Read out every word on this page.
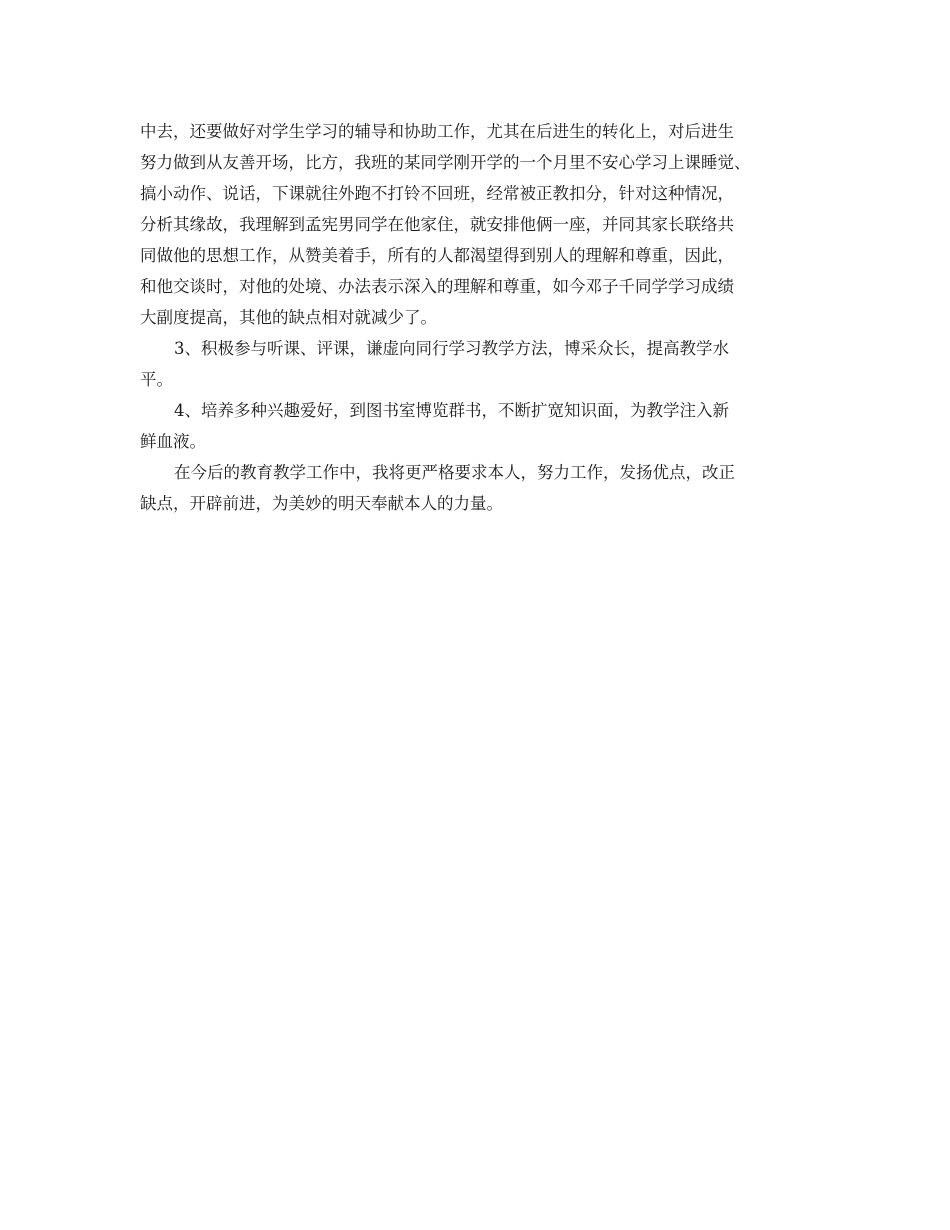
中去，还要做好对学生学习的辅导和协助工作，尤其在后进生的转化上，对后进生
努力做到从友善开场，比方，我班的某同学刚开学的一个月里不安心学习上课睡觉、
搞小动作、说话，下课就往外跑不打铃不回班，经常被正教扣分，针对这种情况，
分析其缘故，我理解到孟宪男同学在他家住，就安排他俩一座，并同其家长联络共
同做他的思想工作，从赞美着手，所有的人都渴望得到别人的理解和尊重，因此，
和他交谈时，对他的处境、办法表示深入的理解和尊重，如今邓子千同学学习成绩
大副度提高，其他的缺点相对就减少了。
3、积极参与听课、评课，谦虚向同行学习教学方法，博采众长，提高教学水
平。
4、培养多种兴趣爱好，到图书室博览群书，不断扩宽知识面，为教学注入新
鲜血液。
在今后的教育教学工作中，我将更严格要求本人，努力工作，发扬优点，改正
缺点，开辟前进，为美妙的明天奉献本人的力量。
